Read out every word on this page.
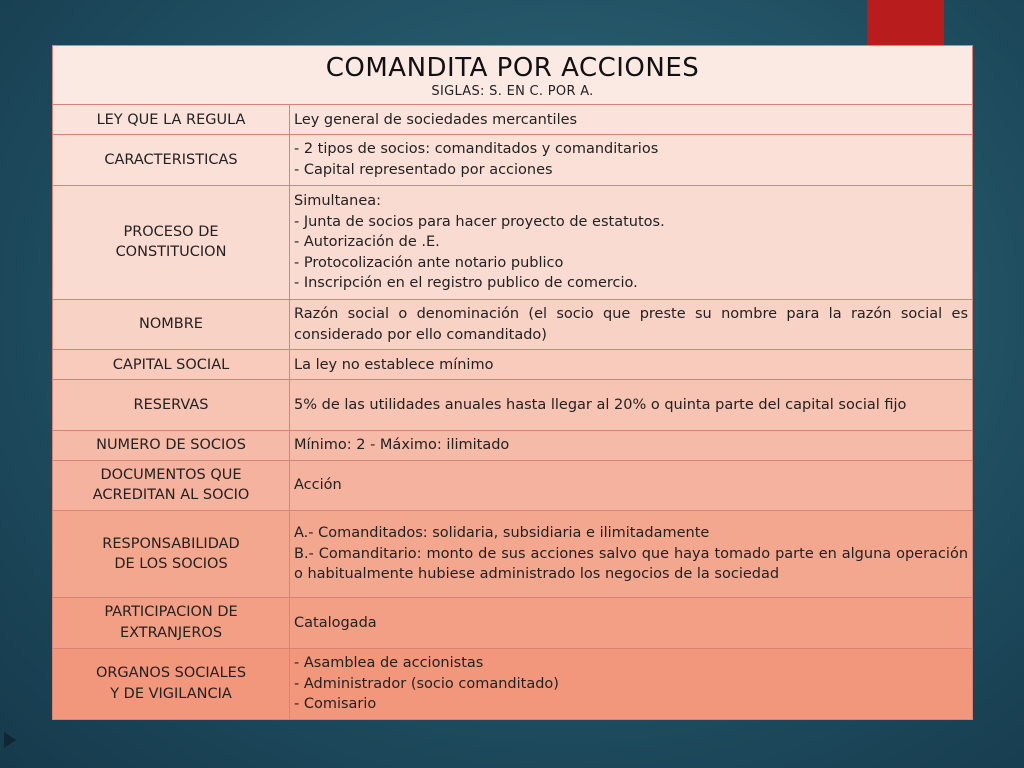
COMANDITA POR ACCIONES
SIGLAS: S. EN C. POR A.	

LEY QUE LA REGULA	Ley general de sociedades mercantiles

CARACTERISTICAS	- 2 tipos de socios: comanditados y comanditarios
- Capital representado por acciones

PROCESO DE
CONSTITUCION	Simultanea:
- Junta de socios para hacer proyecto de estatutos.
- Autorización de .E.
- Protocolización ante notario publico
- Inscripción en el registro publico de comercio.

NOMBRE	Razón social o denominación (el socio que preste su nombre para la razón social es considerado por ello comanditado)

CAPITAL SOCIAL	La ley no establece mínimo

RESERVAS	5% de las utilidades anuales hasta llegar al 20% o quinta parte del capital social fijo

NUMERO DE SOCIOS	Mínimo: 2 - Máximo: ilimitado

DOCUMENTOS QUE
ACREDITAN AL SOCIO	Acción

RESPONSABILIDAD
DE LOS SOCIOS	A.- Comanditados: solidaria, subsidiaria e ilimitadamente
B.- Comanditario: monto de sus acciones salvo que haya tomado parte en alguna operación o habitualmente hubiese administrado los negocios de la sociedad

PARTICIPACION DE
EXTRANJEROS	Catalogada

ORGANOS SOCIALES
Y DE VIGILANCIA	- Asamblea de accionistas
- Administrador (socio comanditado)
- Comisario
